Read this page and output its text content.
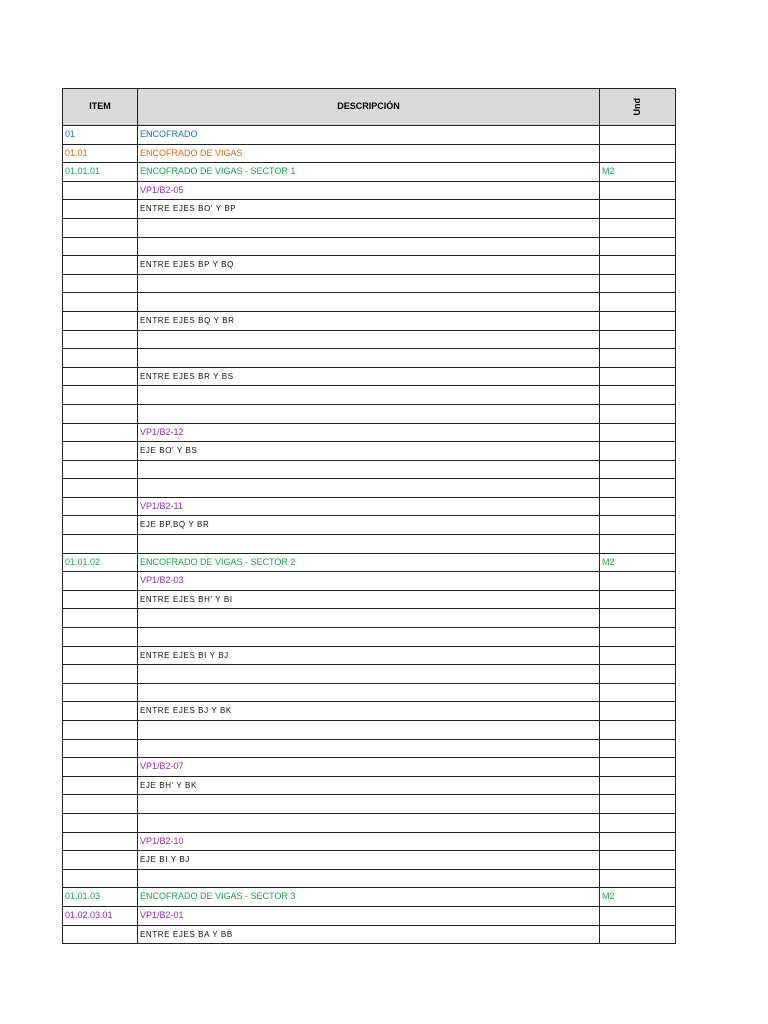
ITEM	DESCRIPCIÓN	Und
01	ENCOFRADO	
01.01	ENCOFRADO DE VIGAS	
01.01.01	ENCOFRADO DE VIGAS - SECTOR 1	M2
	VP1/B2-05	
	ENTRE EJES BO' Y BP	

	ENTRE EJES BP Y BQ	

	ENTRE EJES BQ Y BR	

	ENTRE EJES BR Y BS	

	VP1/B2-12	
	EJE BO' Y BS	

	VP1/B2-11	
	EJE BP,BQ Y BR	

01.01.02	ENCOFRADO DE VIGAS - SECTOR 2	M2
	VP1/B2-03	
	ENTRE EJES BH' Y BI	

	ENTRE EJES BI Y BJ	

	ENTRE EJES BJ Y BK	

	VP1/B2-07	
	EJE BH' Y BK	

	VP1/B2-10	
	EJE BI Y BJ	

01.01.03	ENCOFRADO DE VIGAS - SECTOR 3	M2
01.02.03.01	VP1/B2-01	
	ENTRE EJES BA Y BB	
